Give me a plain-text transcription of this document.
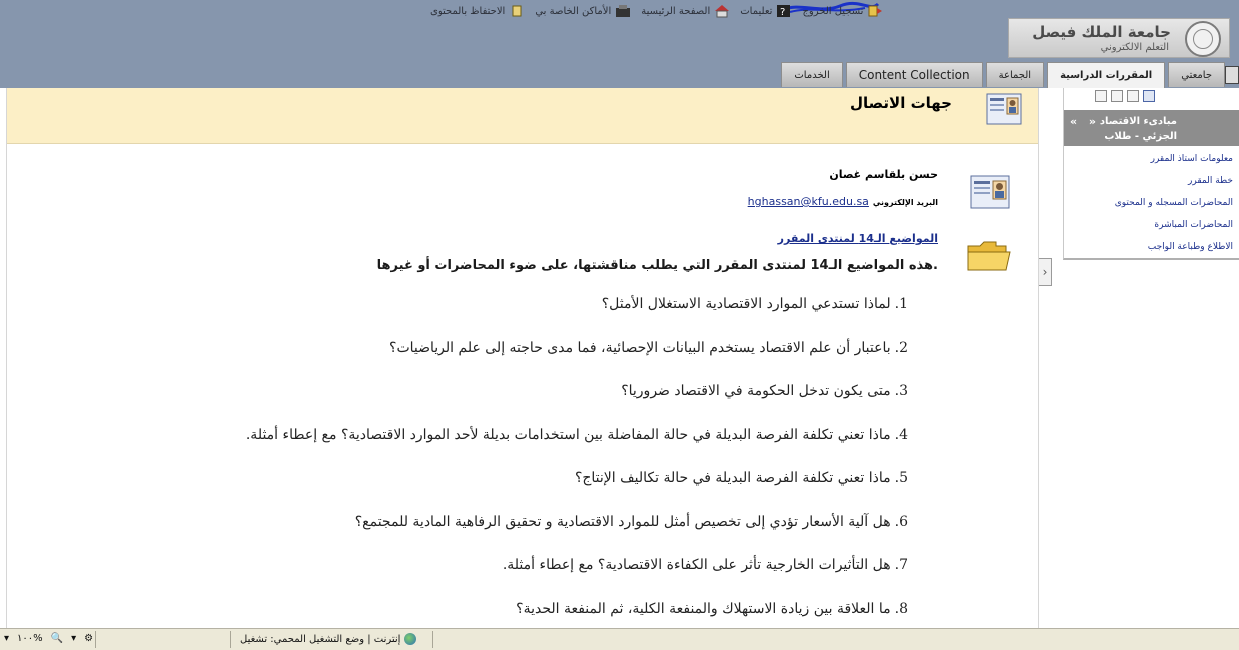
تسجيل الخروج
?
تعليمات
الصفحة الرئيسية
الأماكن الخاصة بي
الاحتفاظ بالمحتوى
جامعة الملك فيصل
التعلم الالكتروني
جامعتي
المقررات الدراسية
الجماعة
Content Collection
الخدمات
« » مبادىء الاقتصاد الجزئي - طلاب
معلومات استاذ المقرر
خطة المقرر
المحاضرات المسجله و المحتوى
المحاضرات المباشرة
الاطلاع وطباعة الواجب
›
جهات الاتصال
حسن بلقاسم غصان
البريد الإلكتروني
hghassan@kfu.edu.sa
المواضيع الـ14 لمنتدى المقرر
هذه المواضيع الـ14 لمنتدى المقرر التي يطلب مناقشتها، على ضوء المحاضرات أو غيرها.
1.لماذا تستدعي الموارد الاقتصادية الاستغلال الأمثل؟
2.باعتبار أن علم الاقتصاد يستخدم البيانات الإحصائية، فما مدى حاجته إلى علم الرياضيات؟
3.متى يكون تدخل الحكومة في الاقتصاد ضروريا؟
4.ماذا تعني تكلفة الفرصة البديلة في حالة المفاضلة بين استخدامات بديلة لأحد الموارد الاقتصادية؟ مع إعطاء أمثلة.
5.ماذا تعني تكلفة الفرصة البديلة في حالة تكاليف الإنتاج؟
6.هل آلية الأسعار تؤدي إلى تخصيص أمثل للموارد الاقتصادية و تحقيق الرفاهية المادية للمجتمع؟
7.هل التأثيرات الخارجية تأثر على الكفاءة الاقتصادية؟ مع إعطاء أمثلة.
8.ما العلاقة بين زيادة الاستهلاك والمنفعة الكلية، ثم المنفعة الحدية؟
▾ ١٠٠% 🔍 ▾ ⚙	إنترنت | وضع التشغيل المحمي: تشغيل
